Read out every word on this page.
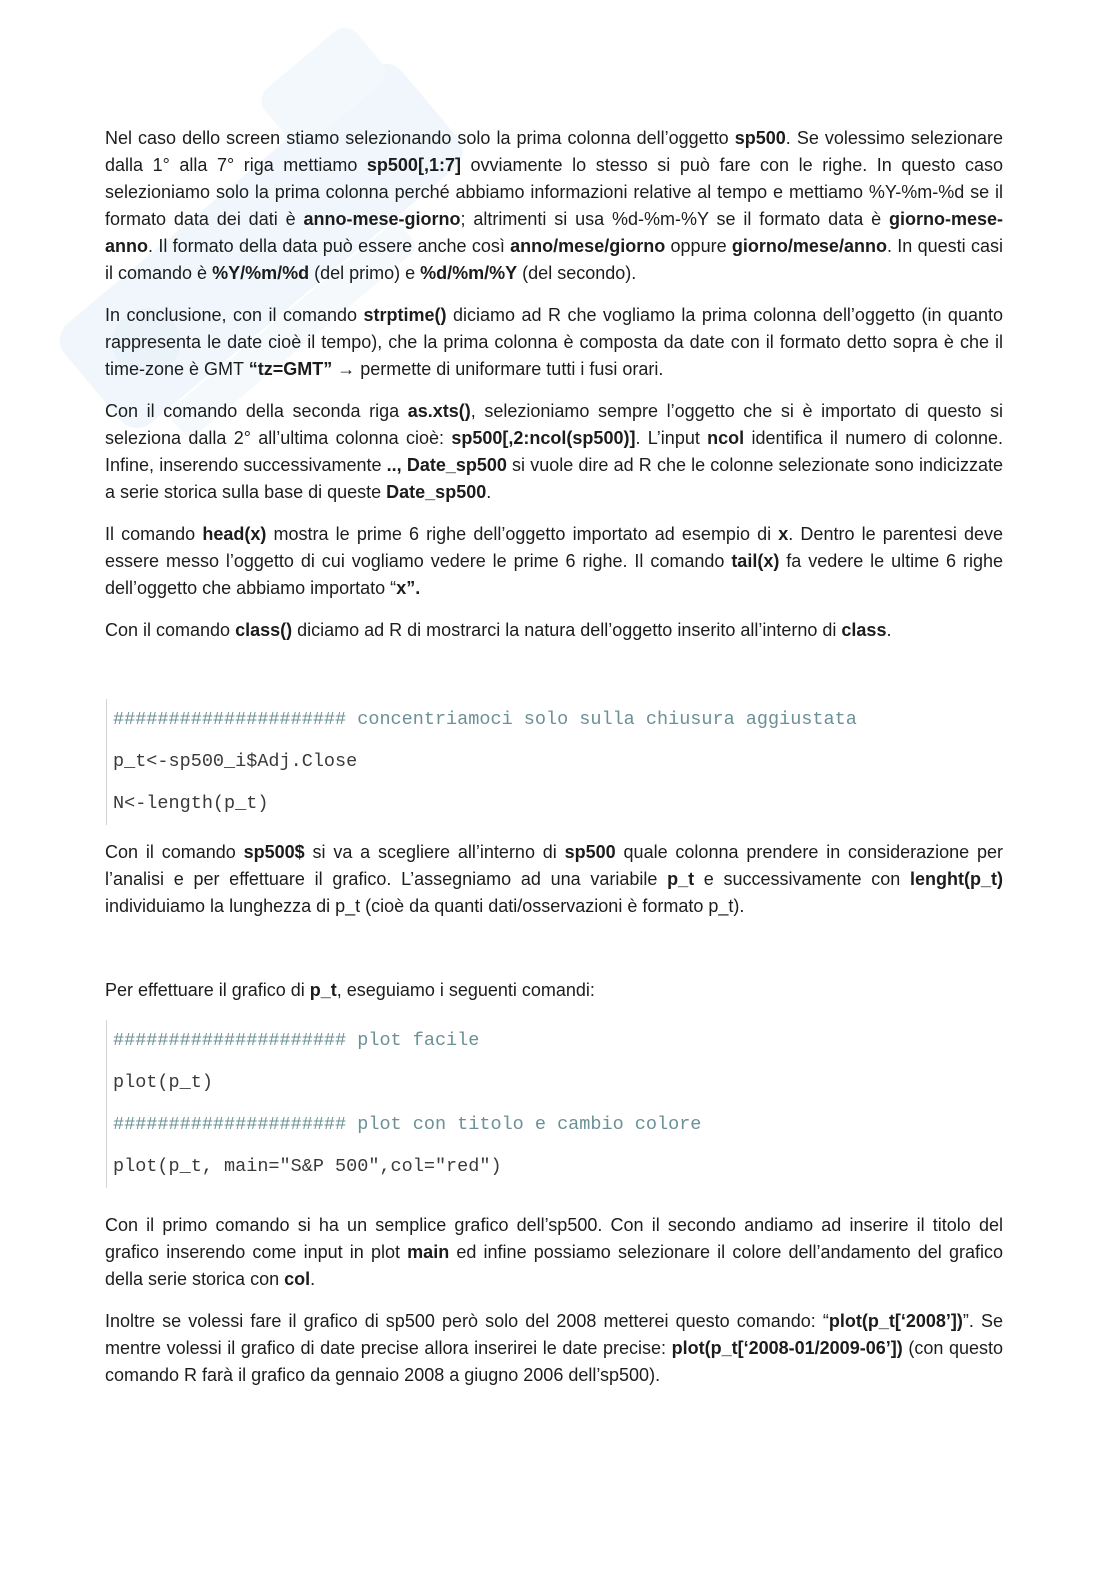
Nel caso dello screen stiamo selezionando solo la prima colonna dell’oggetto sp500. Se volessimo selezionare dalla 1° alla 7° riga mettiamo sp500[,1:7] ovviamente lo stesso si può fare con le righe. In questo caso selezioniamo solo la prima colonna perché abbiamo informazioni relative al tempo e mettiamo %Y-%m-%d se il formato data dei dati è anno-mese-giorno; altrimenti si usa %d-%m-%Y se il formato data è giorno-mese-anno. Il formato della data può essere anche così anno/mese/giorno oppure giorno/mese/anno. In questi casi il comando è %Y/%m/%d (del primo) e %d/%m/%Y (del secondo).

In conclusione, con il comando strptime() diciamo ad R che vogliamo la prima colonna dell’oggetto (in quanto rappresenta le date cioè il tempo), che la prima colonna è composta da date con il formato detto sopra è che il time-zone è GMT “tz=GMT” → permette di uniformare tutti i fusi orari.

Con il comando della seconda riga as.xts(), selezioniamo sempre l’oggetto che si è importato di questo si seleziona dalla 2° all’ultima colonna cioè: sp500[,2:ncol(sp500)]. L’input ncol identifica il numero di colonne. Infine, inserendo successivamente .., Date_sp500 si vuole dire ad R che le colonne selezionate sono indicizzate a serie storica sulla base di queste Date_sp500.

Il comando head(x) mostra le prime 6 righe dell’oggetto importato ad esempio di x. Dentro le parentesi deve essere messo l’oggetto di cui vogliamo vedere le prime 6 righe. Il comando tail(x) fa vedere le ultime 6 righe dell’oggetto che abbiamo importato “x”.

Con il comando class() diciamo ad R di mostrarci la natura dell’oggetto inserito all’interno di class.

##################### concentriamoci solo sulla chiusura aggiustata
p_t<-sp500_i$Adj.Close
N<-length(p_t)

Con il comando sp500$ si va a scegliere all’interno di sp500 quale colonna prendere in considerazione per l’analisi e per effettuare il grafico. L’assegniamo ad una variabile p_t e successivamente con lenght(p_t) individuiamo la lunghezza di p_t (cioè da quanti dati/osservazioni è formato p_t).

Per effettuare il grafico di p_t, eseguiamo i seguenti comandi:

##################### plot facile
plot(p_t)
##################### plot con titolo e cambio colore
plot(p_t, main="S&P 500",col="red")

Con il primo comando si ha un semplice grafico dell’sp500. Con il secondo andiamo ad inserire il titolo del grafico inserendo come input in plot main ed infine possiamo selezionare il colore dell’andamento del grafico della serie storica con col.

Inoltre se volessi fare il grafico di sp500 però solo del 2008 metterei questo comando: “plot(p_t[‘2008’])”. Se mentre volessi il grafico di date precise allora inserirei le date precise: plot(p_t[‘2008-01/2009-06’]) (con questo comando R farà il grafico da gennaio 2008 a giugno 2006 dell’sp500).
